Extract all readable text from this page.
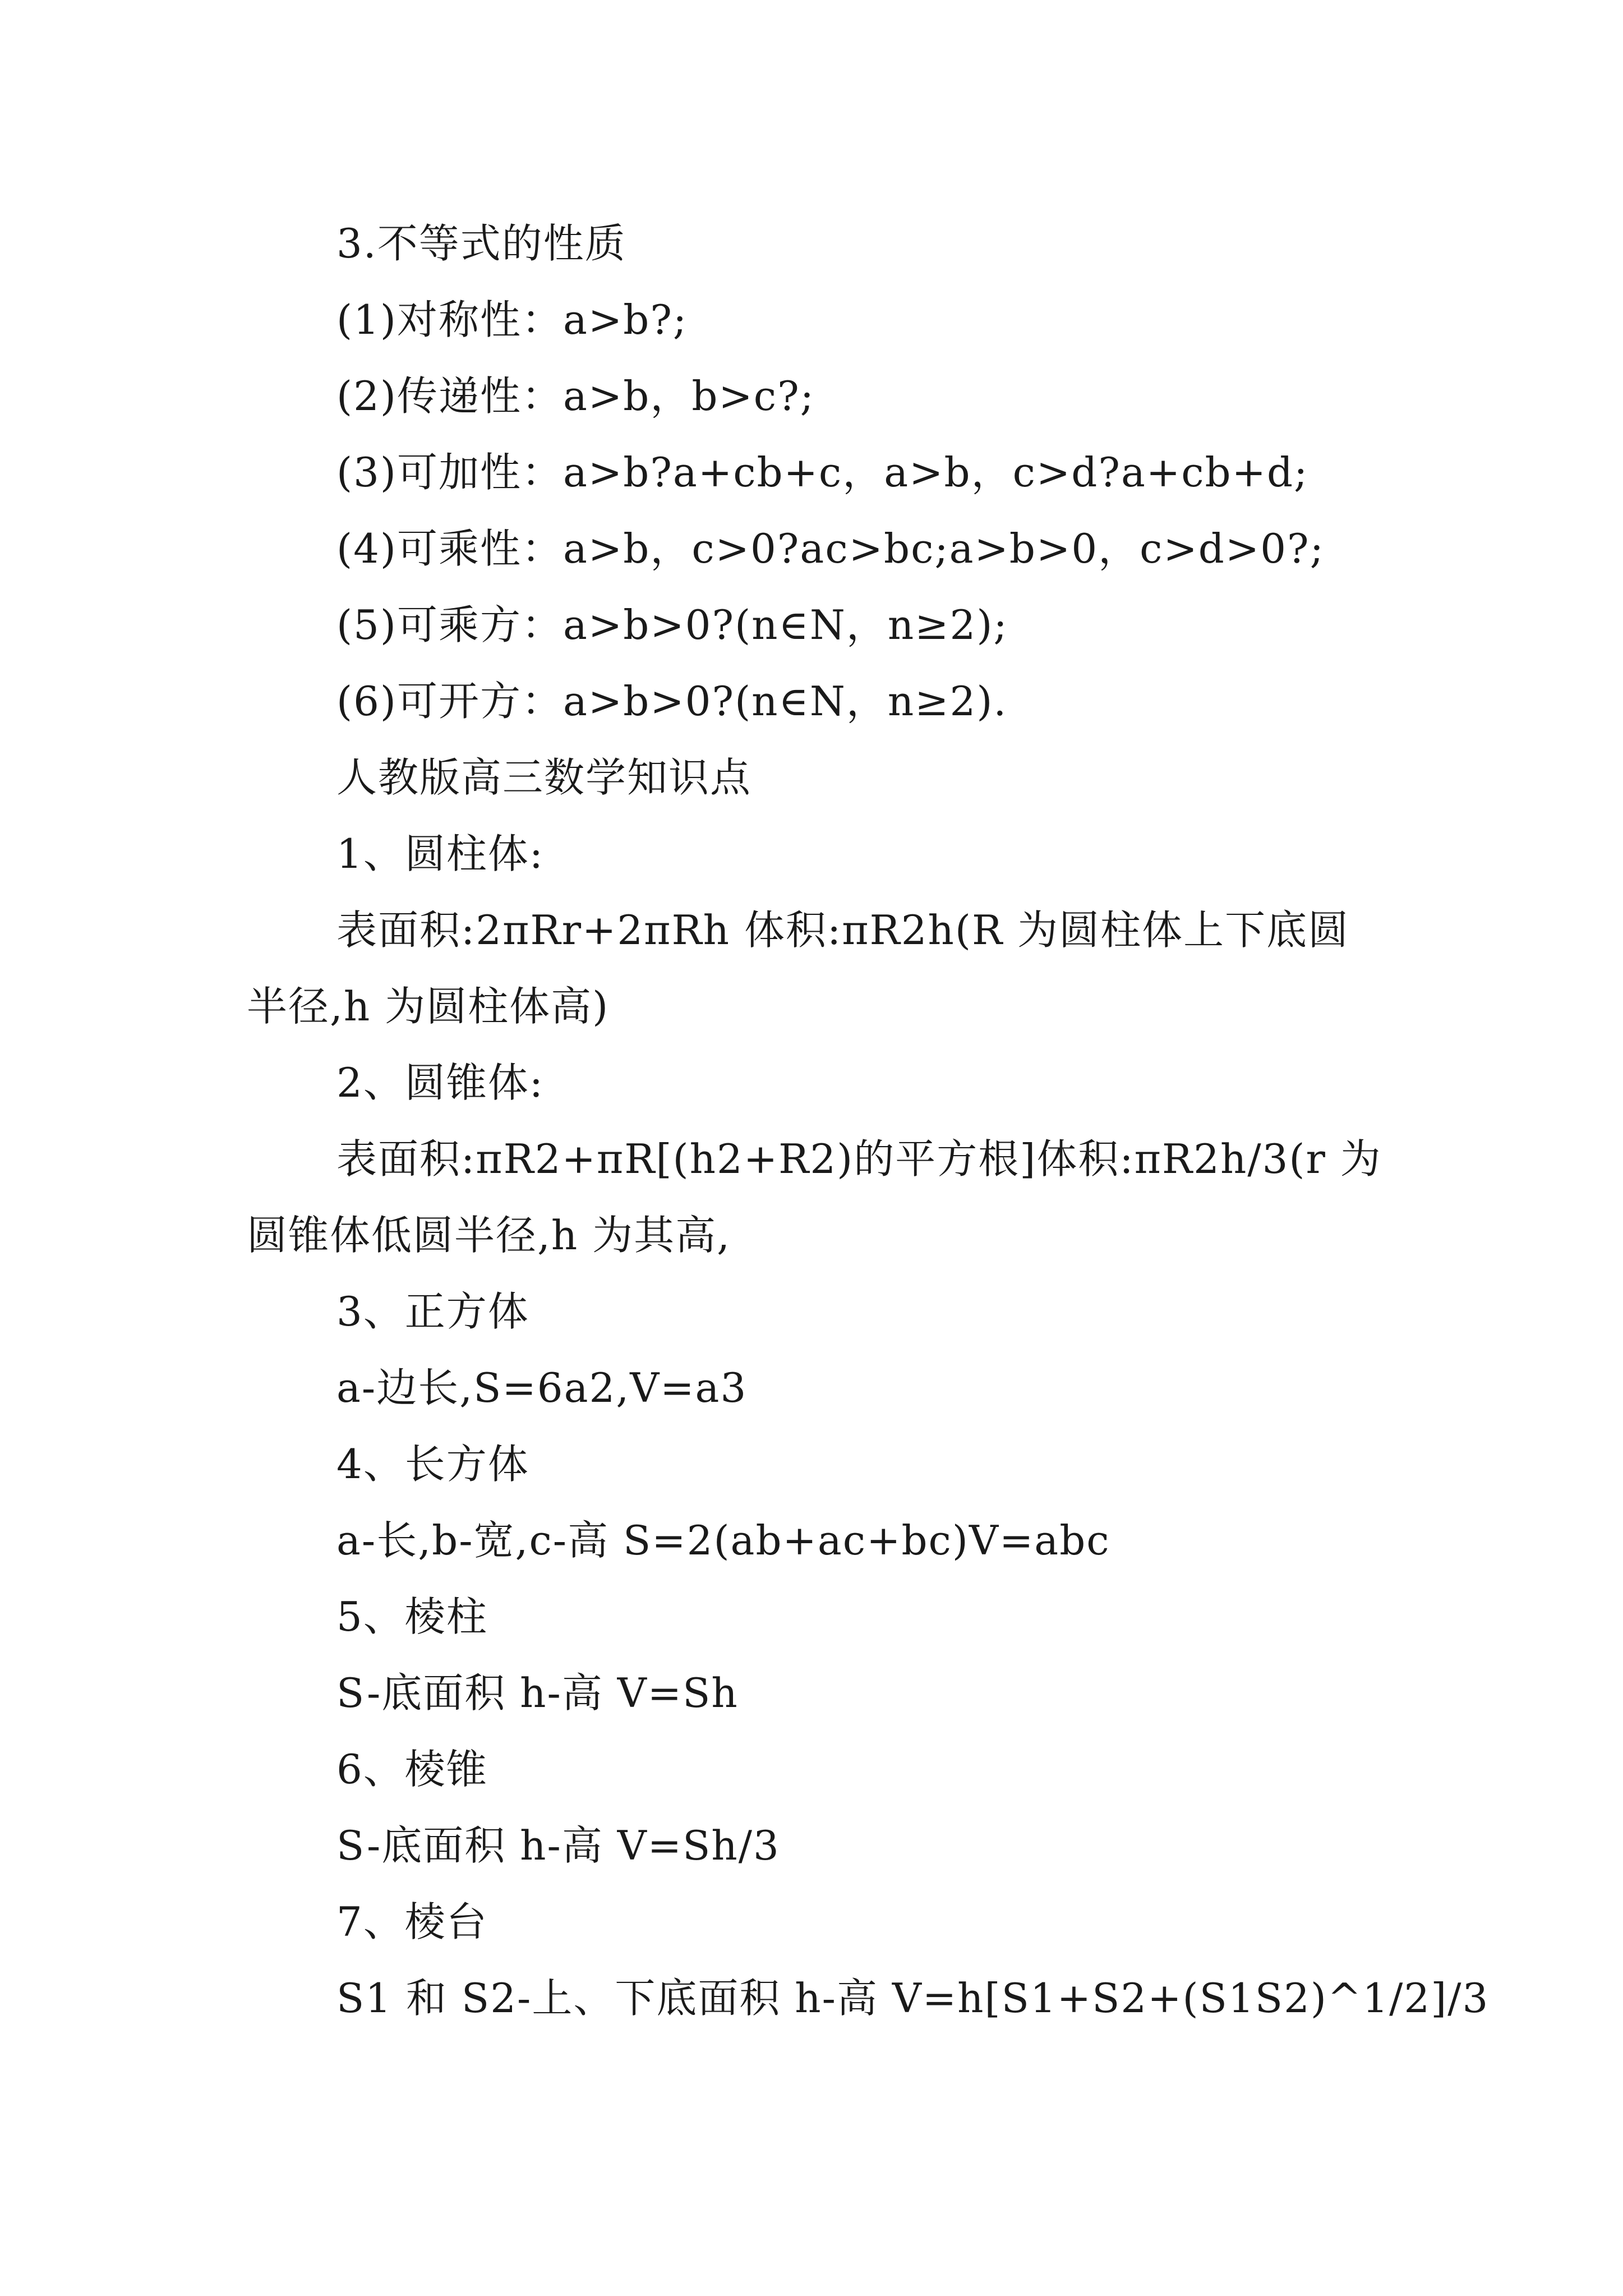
3.不等式的性质
(1)对称性：a>b?;
(2)传递性：a>b，b>c?;
(3)可加性：a>b?a+cb+c，a>b，c>d?a+cb+d;
(4)可乘性：a>b，c>0?ac>bc;a>b>0，c>d>0?;
(5)可乘方：a>b>0?(n∈N，n≥2);
(6)可开方：a>b>0?(n∈N，n≥2).
人教版高三数学知识点
1、圆柱体:
表面积:2πRr+2πRh 体积:πR2h(R 为圆柱体上下底圆
半径,h 为圆柱体高)
2、圆锥体:
表面积:πR2+πR[(h2+R2)的平方根]体积:πR2h/3(r 为
圆锥体低圆半径,h 为其高,
3、正方体
a-边长,S=6a2,V=a3
4、长方体
a-长,b-宽,c-高 S=2(ab+ac+bc)V=abc
5、棱柱
S-底面积 h-高 V=Sh
6、棱锥
S-底面积 h-高 V=Sh/3
7、棱台
S1 和 S2-上、下底面积 h-高 V=h[S1+S2+(S1S2)^1/2]/3
